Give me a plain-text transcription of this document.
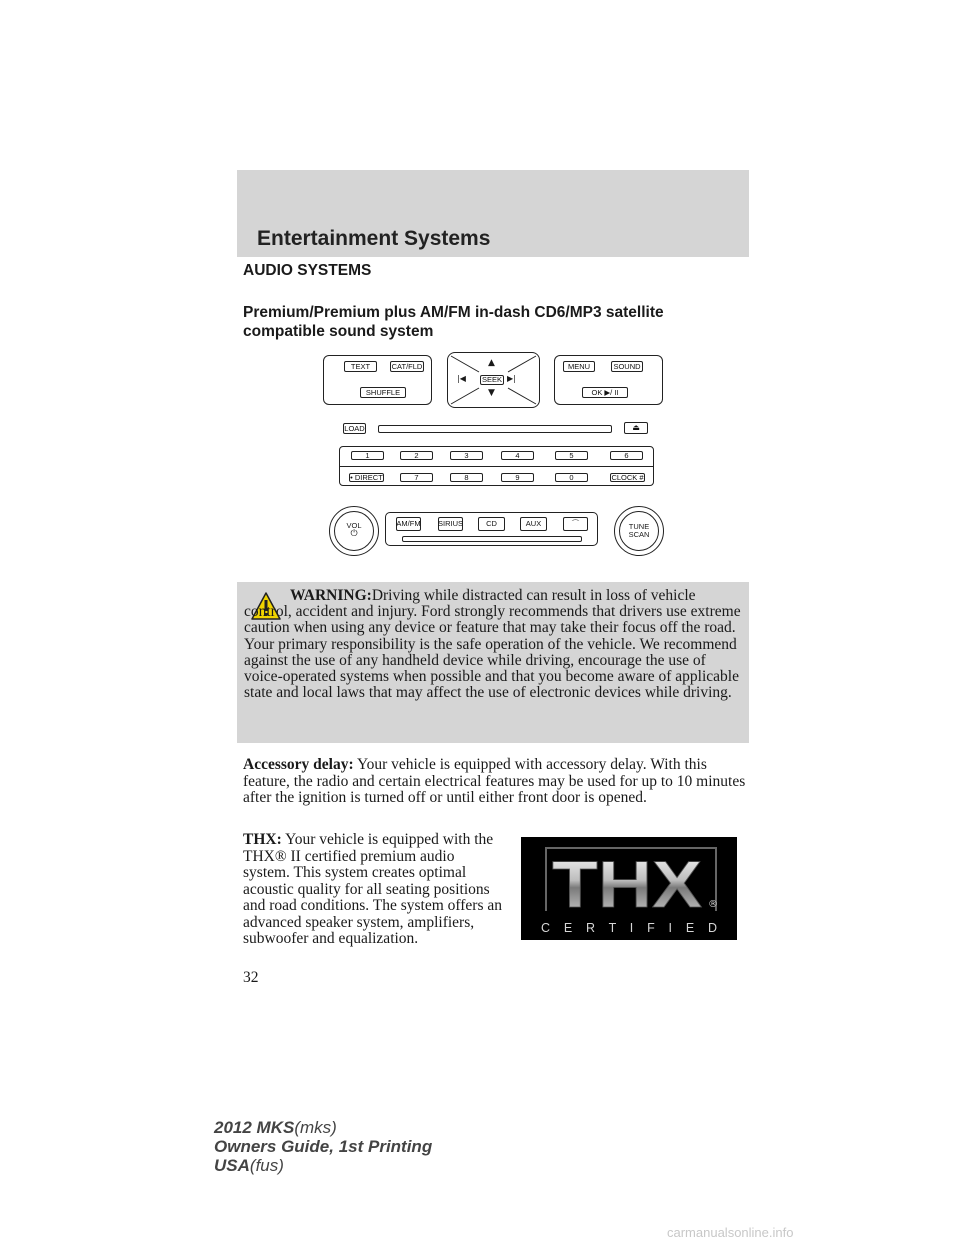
Entertainment Systems
AUDIO SYSTEMS
Premium/Premium plus AM/FM in-dash CD6/MP3 satellite compatible sound system
TEXT	CAT/FLD
SHUFFLE
▲
▼
|◀	▶|
SEEK
MENU	SOUND
OK ▶/ II
LOAD	⏏
1	2	3	4	5	6
• DIRECT	7	8	9	0	CLOCK #
VOL
⏻
AM/FM SIRIUS	CD	AUX	⌒	TUNE
SCAN

WARNING:Driving while distracted can result in loss of vehicle control, accident and injury. Ford strongly recommends that drivers use extreme caution when using any device or feature that may take their focus off the road. Your primary responsibility is the safe operation of the vehicle. We recommend against the use of any handheld device while driving, encourage the use of voice-operated systems when possible and that you become aware of applicable state and local laws that may affect the use of electronic devices while driving.

Accessory delay: Your vehicle is equipped with accessory delay. With this feature, the radio and certain electrical features may be used for up to 10 minutes after the ignition is turned off or until either front door is opened.

THX: Your vehicle is equipped with the THX® II certified premium audio system. This system creates optimal acoustic quality for all seating positions and road conditions. The system offers an advanced speaker system, amplifiers, subwoofer and equalization.

THX ®
C E R T I F I E D
32

2012 MKS(mks)
Owners Guide, 1st Printing
USA(fus)

carmanualsonline.info
